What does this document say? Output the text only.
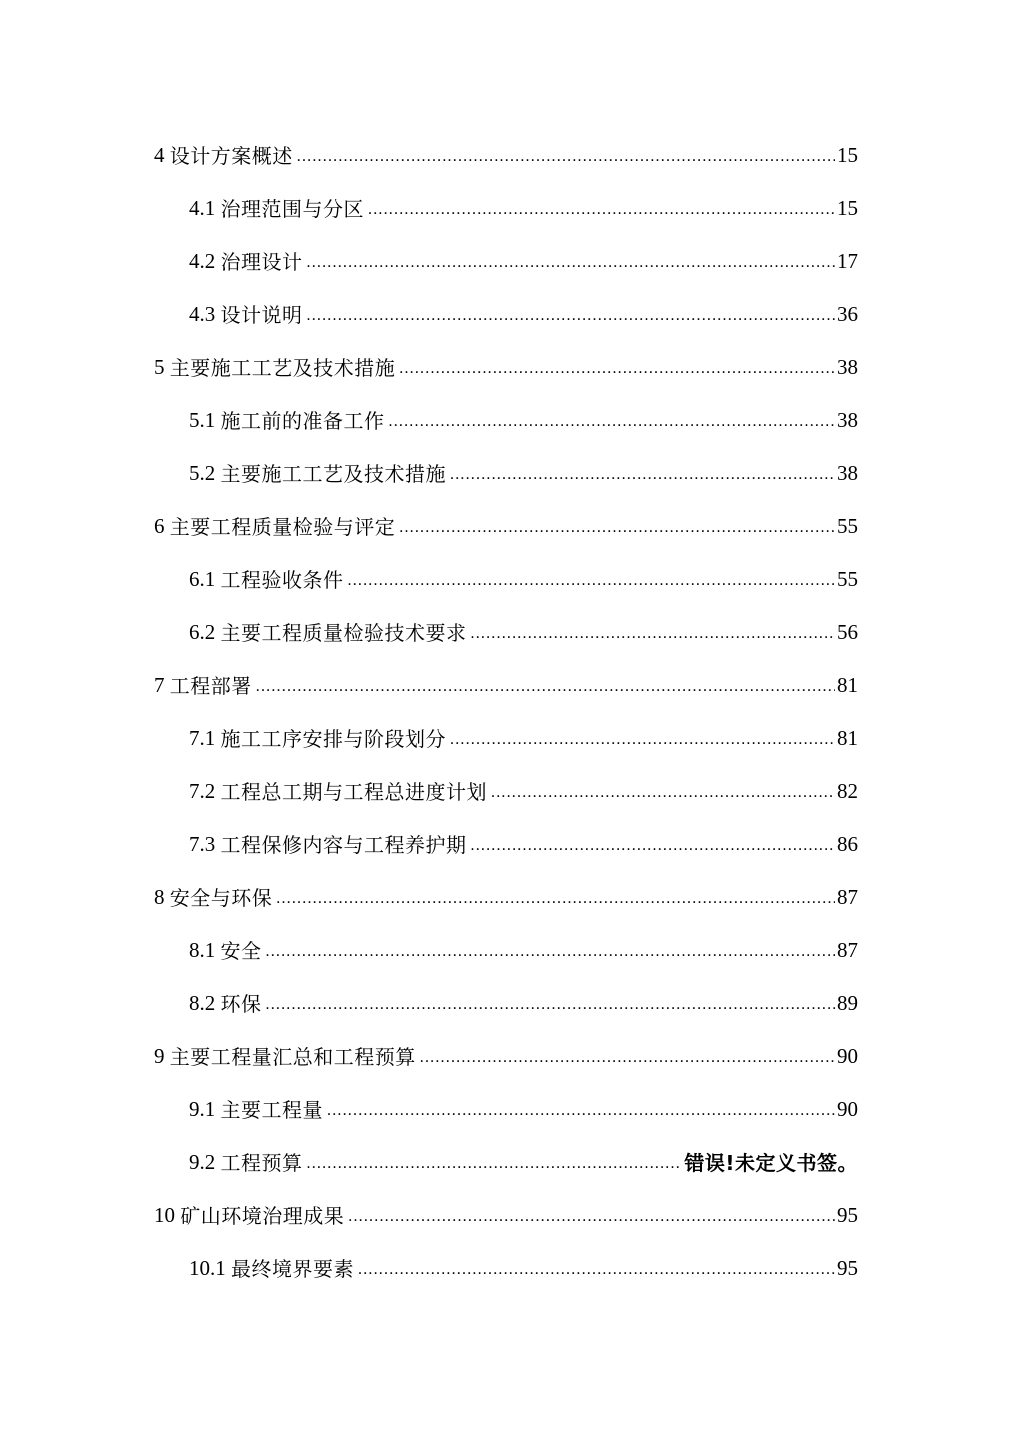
4
设计方案概述 .....	15
4.1
治理范围与分区 .....	15
4.2
治理设计 .....	17
4.3
设计说明 .....	36
5
主要施工工艺及技术措施 .....	38
5.1
施工前的准备工作 .....	38
5.2
主要施工工艺及技术措施 .....	38
6
主要工程质量检验与评定 .....	55
6.1
工程验收条件 .....	55
6.2
主要工程质量检验技术要求 .....	56
7
工程部署 .....	81
7.1
施工工序安排与阶段划分 .....	81
7.2
工程总工期与工程总进度计划 .....	82
7.3
工程保修内容与工程养护期 .....	86
8
安全与环保 .....	87
8.1
安全 .....	87
8.2
环保 .....	89
9
主要工程量汇总和工程预算 .....	90
9.1
主要工程量 .....	90
9.2
工程预算 .....	错误!未定义书签。
10
矿山环境治理成果 .....	95
10.1
最终境界要素 .....	95
